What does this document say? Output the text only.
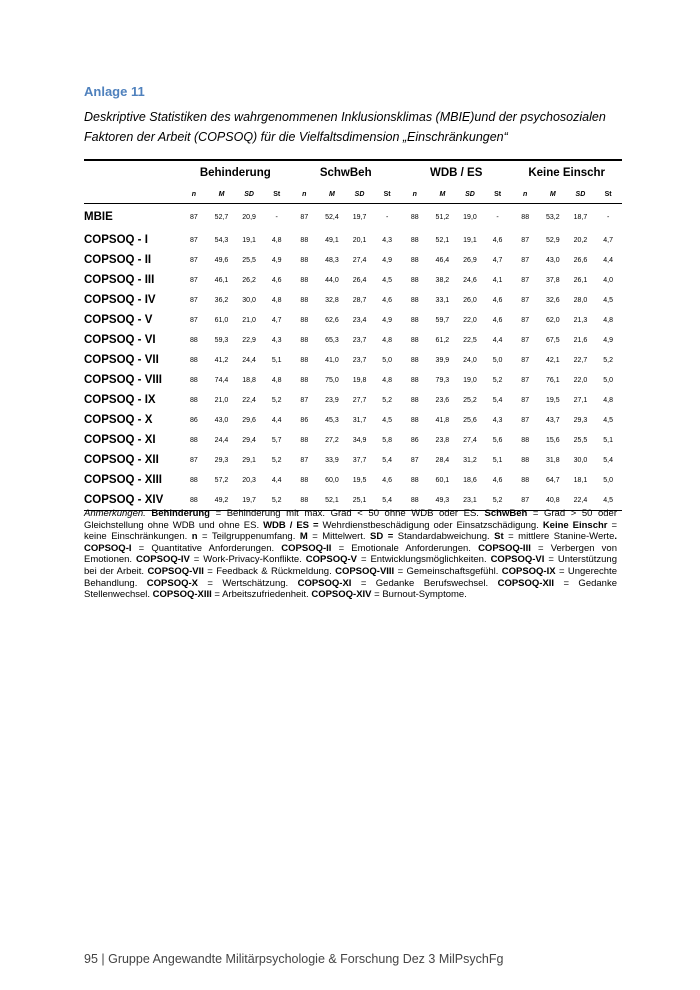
Anlage 11
Deskriptive Statistiken des wahrgenommenen Inklusionsklimas (MBIE)und der psychosozialen Faktoren der Arbeit (COPSOQ) für die Vielfaltsdimension „Einschränkungen“
	Behinderung				SchwBeh				WDB / ES				Keine Einschr			
	n	M	SD	St	n	M	SD	St	n	M	SD	St	n	M	SD	St
MBIE	87	52,7	20,9	-	87	52,4	19,7	-	88	51,2	19,0	-	88	53,2	18,7	-
COPSOQ - I	87	54,3	19,1	4,8	88	49,1	20,1	4,3	88	52,1	19,1	4,6	87	52,9	20,2	4,7
COPSOQ - II	87	49,6	25,5	4,9	88	48,3	27,4	4,9	88	46,4	26,9	4,7	87	43,0	26,6	4,4
COPSOQ - III	87	46,1	26,2	4,6	88	44,0	26,4	4,5	88	38,2	24,6	4,1	87	37,8	26,1	4,0
COPSOQ - IV	87	36,2	30,0	4,8	88	32,8	28,7	4,6	88	33,1	26,0	4,6	87	32,6	28,0	4,5
COPSOQ - V	87	61,0	21,0	4,7	88	62,6	23,4	4,9	88	59,7	22,0	4,6	87	62,0	21,3	4,8
COPSOQ - VI	88	59,3	22,9	4,3	88	65,3	23,7	4,8	88	61,2	22,5	4,4	87	67,5	21,6	4,9
COPSOQ - VII	88	41,2	24,4	5,1	88	41,0	23,7	5,0	88	39,9	24,0	5,0	87	42,1	22,7	5,2
COPSOQ - VIII	88	74,4	18,8	4,8	88	75,0	19,8	4,8	88	79,3	19,0	5,2	87	76,1	22,0	5,0
COPSOQ - IX	88	21,0	22,4	5,2	87	23,9	27,7	5,2	88	23,6	25,2	5,4	87	19,5	27,1	4,8
COPSOQ - X	86	43,0	29,6	4,4	86	45,3	31,7	4,5	88	41,8	25,6	4,3	87	43,7	29,3	4,5
COPSOQ - XI	88	24,4	29,4	5,7	88	27,2	34,9	5,8	86	23,8	27,4	5,6	88	15,6	25,5	5,1
COPSOQ - XII	87	29,3	29,1	5,2	87	33,9	37,7	5,4	87	28,4	31,2	5,1	88	31,8	30,0	5,4
COPSOQ - XIII	88	57,2	20,3	4,4	88	60,0	19,5	4,6	88	60,1	18,6	4,6	88	64,7	18,1	5,0
COPSOQ - XIV	88	49,2	19,7	5,2	88	52,1	25,1	5,4	88	49,3	23,1	5,2	87	40,8	22,4	4,5
Anmerkungen. Behinderung = Behinderung mit max. Grad < 50 ohne WDB oder ES. SchwBeh = Grad > 50 oder Gleichstellung ohne WDB und ohne ES. WDB / ES = Wehrdienstbeschädigung oder Einsatzschädigung. Keine Einschr = keine Einschränkungen. n = Teilgruppenumfang. M = Mittelwert. SD = Standardabweichung. St = mittlere Stanine-Werte. COPSOQ-I = Quantitative Anforderungen. COPSOQ-II = Emotionale Anforderungen. COPSOQ-III = Verbergen von Emotionen. COPSOQ-IV = Work-Privacy-Konflikte. COPSOQ-V = Entwicklungsmöglichkeiten. COPSOQ-VI = Unterstützung bei der Arbeit. COPSOQ-VII = Feedback & Rückmeldung. COPSOQ-VIII = Gemeinschaftsgefühl. COPSOQ-IX = Ungerechte Behandlung. COPSOQ-X = Wertschätzung. COPSOQ-XI = Gedanke Berufswechsel. COPSOQ-XII = Gedanke Stellenwechsel. COPSOQ-XIII = Arbeitszufriedenheit. COPSOQ-XIV = Burnout-Symptome.
95 | Gruppe Angewandte Militärpsychologie & Forschung Dez 3 MilPsychFg
